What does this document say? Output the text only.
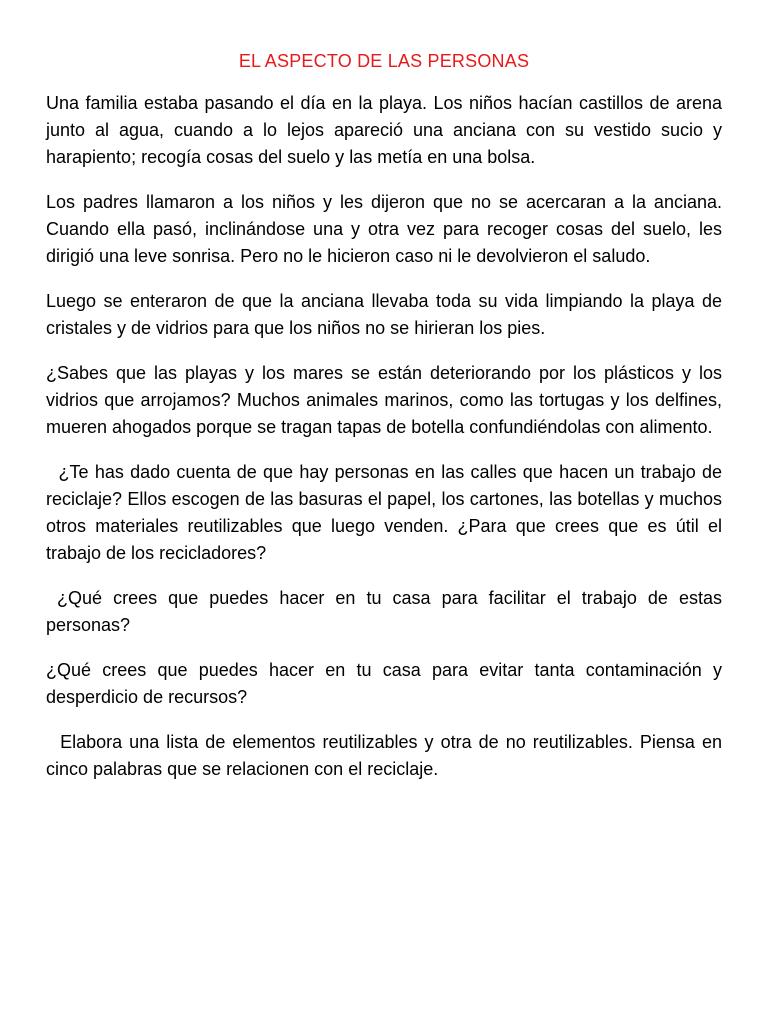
EL ASPECTO DE LAS PERSONAS

Una familia estaba pasando el día en la playa. Los niños hacían castillos de arena junto al agua, cuando a lo lejos apareció una anciana con su vestido sucio y harapiento; recogía cosas del suelo y las metía en una bolsa.

Los padres llamaron a los niños y les dijeron que no se acercaran a la anciana. Cuando ella pasó, inclinándose una y otra vez para recoger cosas del suelo, les dirigió una leve sonrisa. Pero no le hicieron caso ni le devolvieron el saludo.

Luego se enteraron de que la anciana llevaba toda su vida limpiando la playa de cristales y de vidrios para que los niños no se hirieran los pies.

¿Sabes que las playas y los mares se están deteriorando por los plásticos y los vidrios que arrojamos? Muchos animales marinos, como las tortugas y los delfines, mueren ahogados porque se tragan tapas de botella confundiéndolas con alimento.

¿Te has dado cuenta de que hay personas en las calles que hacen un trabajo de reciclaje? Ellos escogen de las basuras el papel, los cartones, las botellas y muchos otros materiales reutilizables que luego venden. ¿Para que crees que es útil el trabajo de los recicladores?

¿Qué crees que puedes hacer en tu casa para facilitar el trabajo de estas personas?

¿Qué crees que puedes hacer en tu casa para evitar tanta contaminación y desperdicio de recursos?

Elabora una lista de elementos reutilizables y otra de no reutilizables. Piensa en cinco palabras que se relacionen con el reciclaje.
